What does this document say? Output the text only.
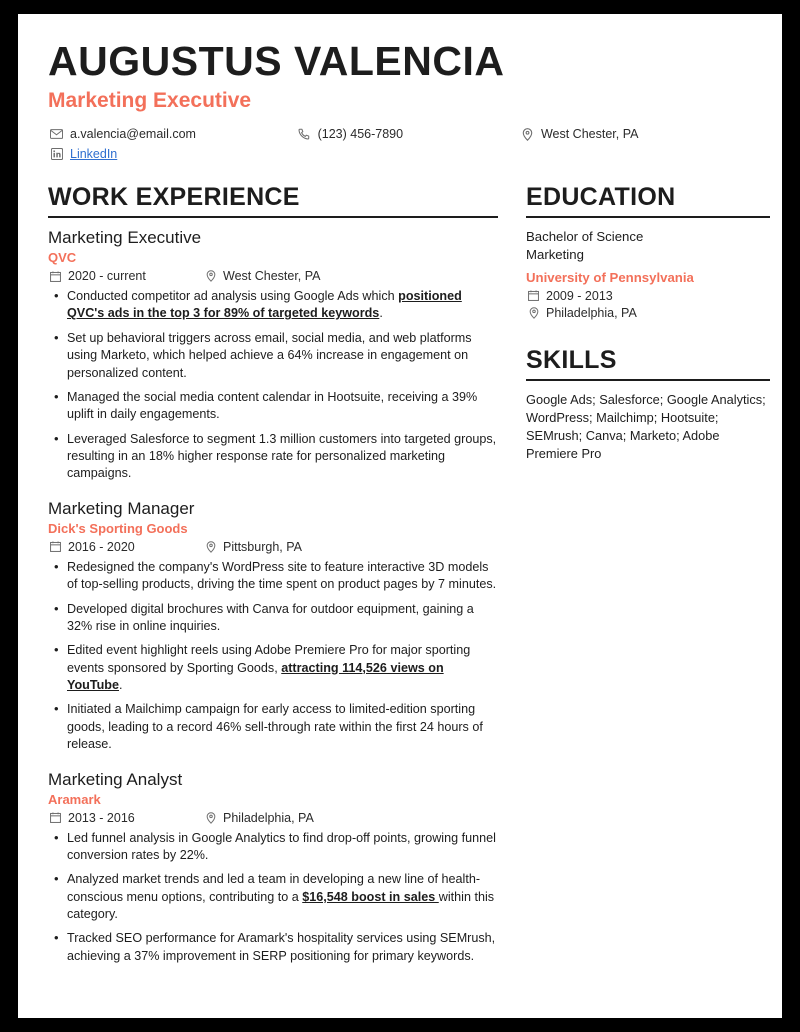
AUGUSTUS VALENCIA
Marketing Executive
a.valencia@email.com	(123) 456-7890	West Chester, PA
LinkedIn
WORK EXPERIENCE
Marketing Executive
QVC
2020 - current	West Chester, PA
• Conducted competitor ad analysis using Google Ads which positioned QVC's ads in the top 3 for 89% of targeted keywords.
• Set up behavioral triggers across email, social media, and web platforms using Marketo, which helped achieve a 64% increase in engagement on personalized content.
• Managed the social media content calendar in Hootsuite, receiving a 39% uplift in daily engagements.
• Leveraged Salesforce to segment 1.3 million customers into targeted groups, resulting in an 18% higher response rate for personalized marketing campaigns.
Marketing Manager
Dick's Sporting Goods
2016 - 2020	Pittsburgh, PA
• Redesigned the company's WordPress site to feature interactive 3D models of top-selling products, driving the time spent on product pages by 7 minutes.
• Developed digital brochures with Canva for outdoor equipment, gaining a 32% rise in online inquiries.
• Edited event highlight reels using Adobe Premiere Pro for major sporting events sponsored by Sporting Goods, attracting 114,526 views on YouTube.
• Initiated a Mailchimp campaign for early access to limited-edition sporting goods, leading to a record 46% sell-through rate within the first 24 hours of release.
Marketing Analyst
Aramark
2013 - 2016	Philadelphia, PA
• Led funnel analysis in Google Analytics to find drop-off points, growing funnel conversion rates by 22%.
• Analyzed market trends and led a team in developing a new line of health-conscious menu options, contributing to a $16,548 boost in sales within this category.
• Tracked SEO performance for Aramark's hospitality services using SEMrush, achieving a 37% improvement in SERP positioning for primary keywords.
EDUCATION
Bachelor of Science
Marketing
University of Pennsylvania
2009 - 2013
Philadelphia, PA
SKILLS
Google Ads; Salesforce; Google Analytics; WordPress; Mailchimp; Hootsuite; SEMrush; Canva; Marketo; Adobe Premiere Pro
